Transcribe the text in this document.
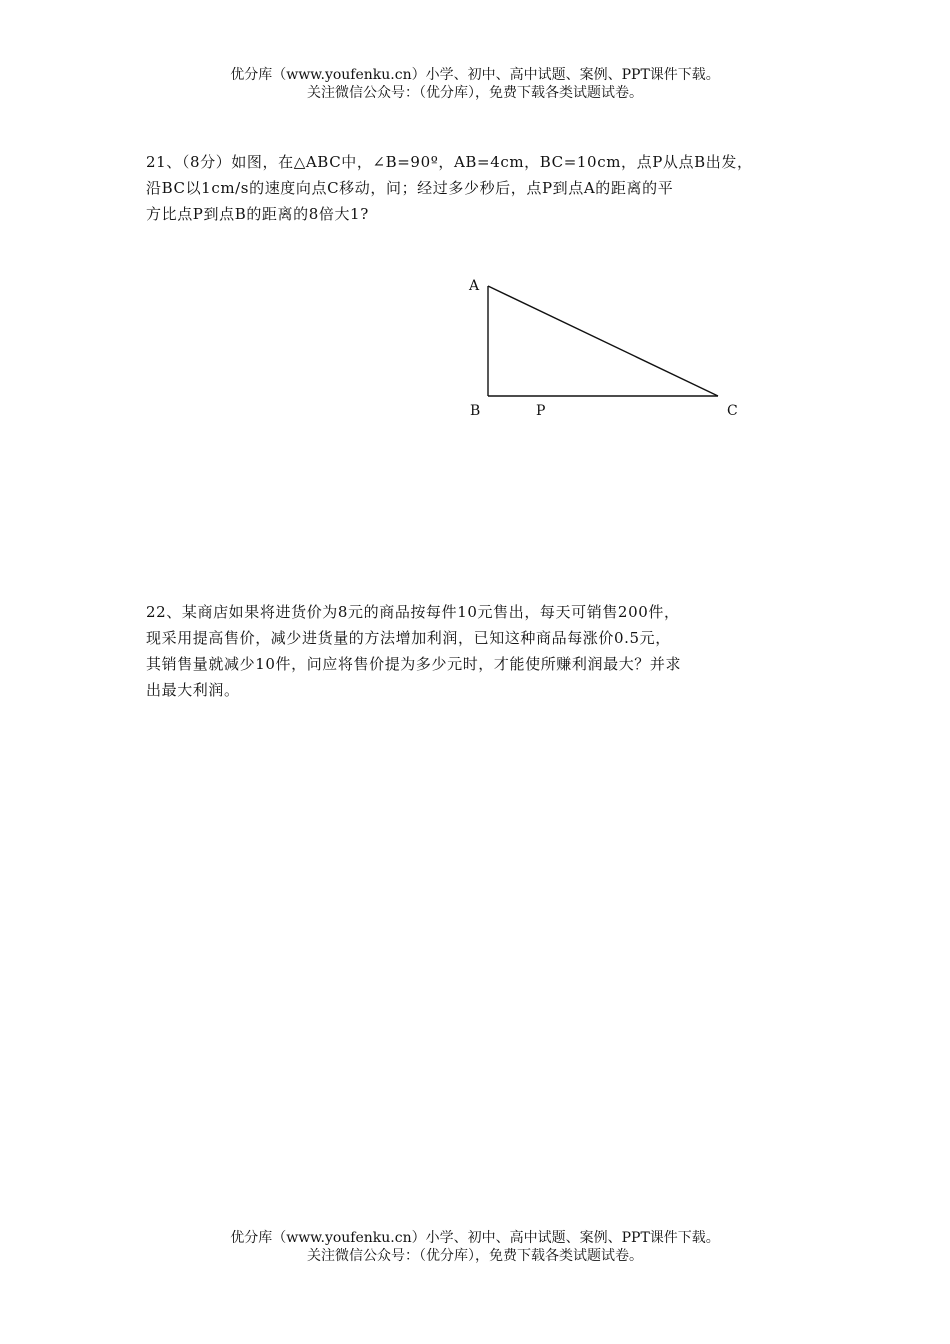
优分库（www.youfenku.cn）小学、初中、高中试题、案例、PPT课件下载。
关注微信公众号：（优分库），免费下载各类试题试卷。
21、（8分）如图，在△ABC中，∠B=90º，AB=4cm，BC=10cm，点P从点B出发，
沿BC以1cm/s的速度向点C移动，问；经过多少秒后，点P到点A的距离的平
方比点P到点B的距离的8倍大1?
A
B	P	C
22、某商店如果将进货价为8元的商品按每件10元售出，每天可销售200件，
现采用提高售价，减少进货量的方法增加利润，已知这种商品每涨价0.5元，
其销售量就减少10件，问应将售价提为多少元时，才能使所赚利润最大？并求
出最大利润。
优分库（www.youfenku.cn）小学、初中、高中试题、案例、PPT课件下载。
关注微信公众号：（优分库），免费下载各类试题试卷。
